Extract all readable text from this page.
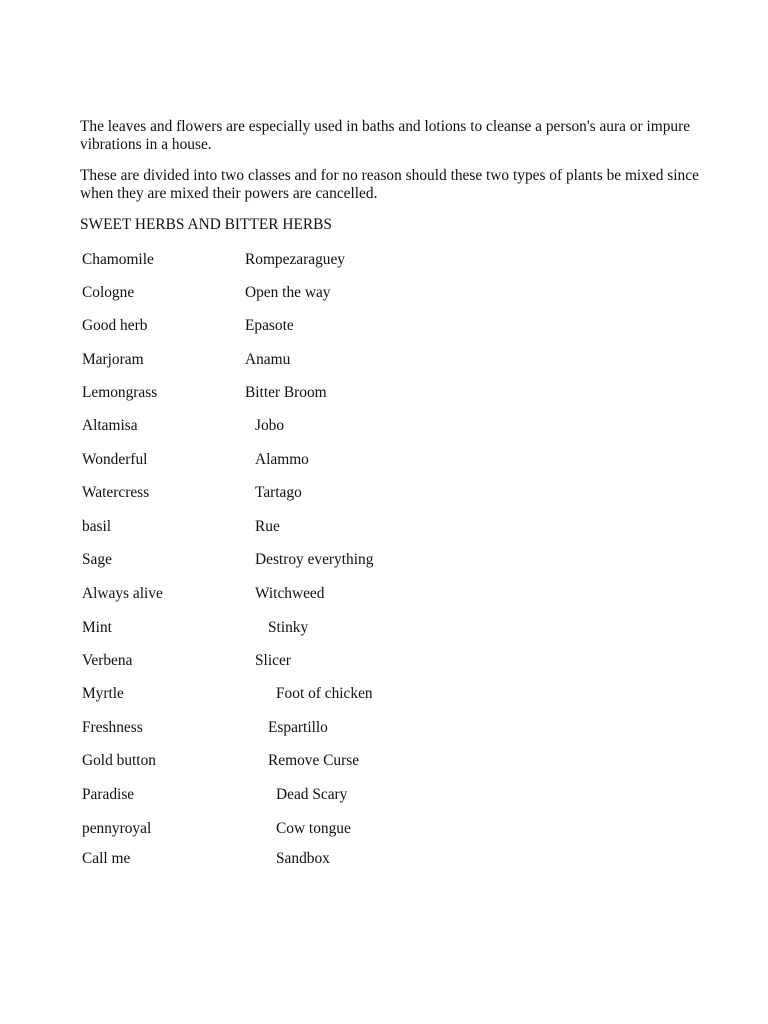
The leaves and flowers are especially used in baths and lotions to cleanse a person's aura or impure vibrations in a house.

These are divided into two classes and for no reason should these two types of plants be mixed since when they are mixed their powers are cancelled.

SWEET HERBS AND BITTER HERBS

Chamomile	Rompezaraguey
Cologne	Open the way
Good herb	Epasote
Marjoram	Anamu
Lemongrass	Bitter Broom
Altamisa	Jobo
Wonderful	Alammo
Watercress	Tartago
basil	Rue
Sage	Destroy everything
Always alive	Witchweed
Mint	Stinky
Verbena	Slicer
Myrtle	Foot of chicken
Freshness	Espartillo
Gold button	Remove Curse
Paradise	Dead Scary
pennyroyal	Cow tongue
Call me	Sandbox
